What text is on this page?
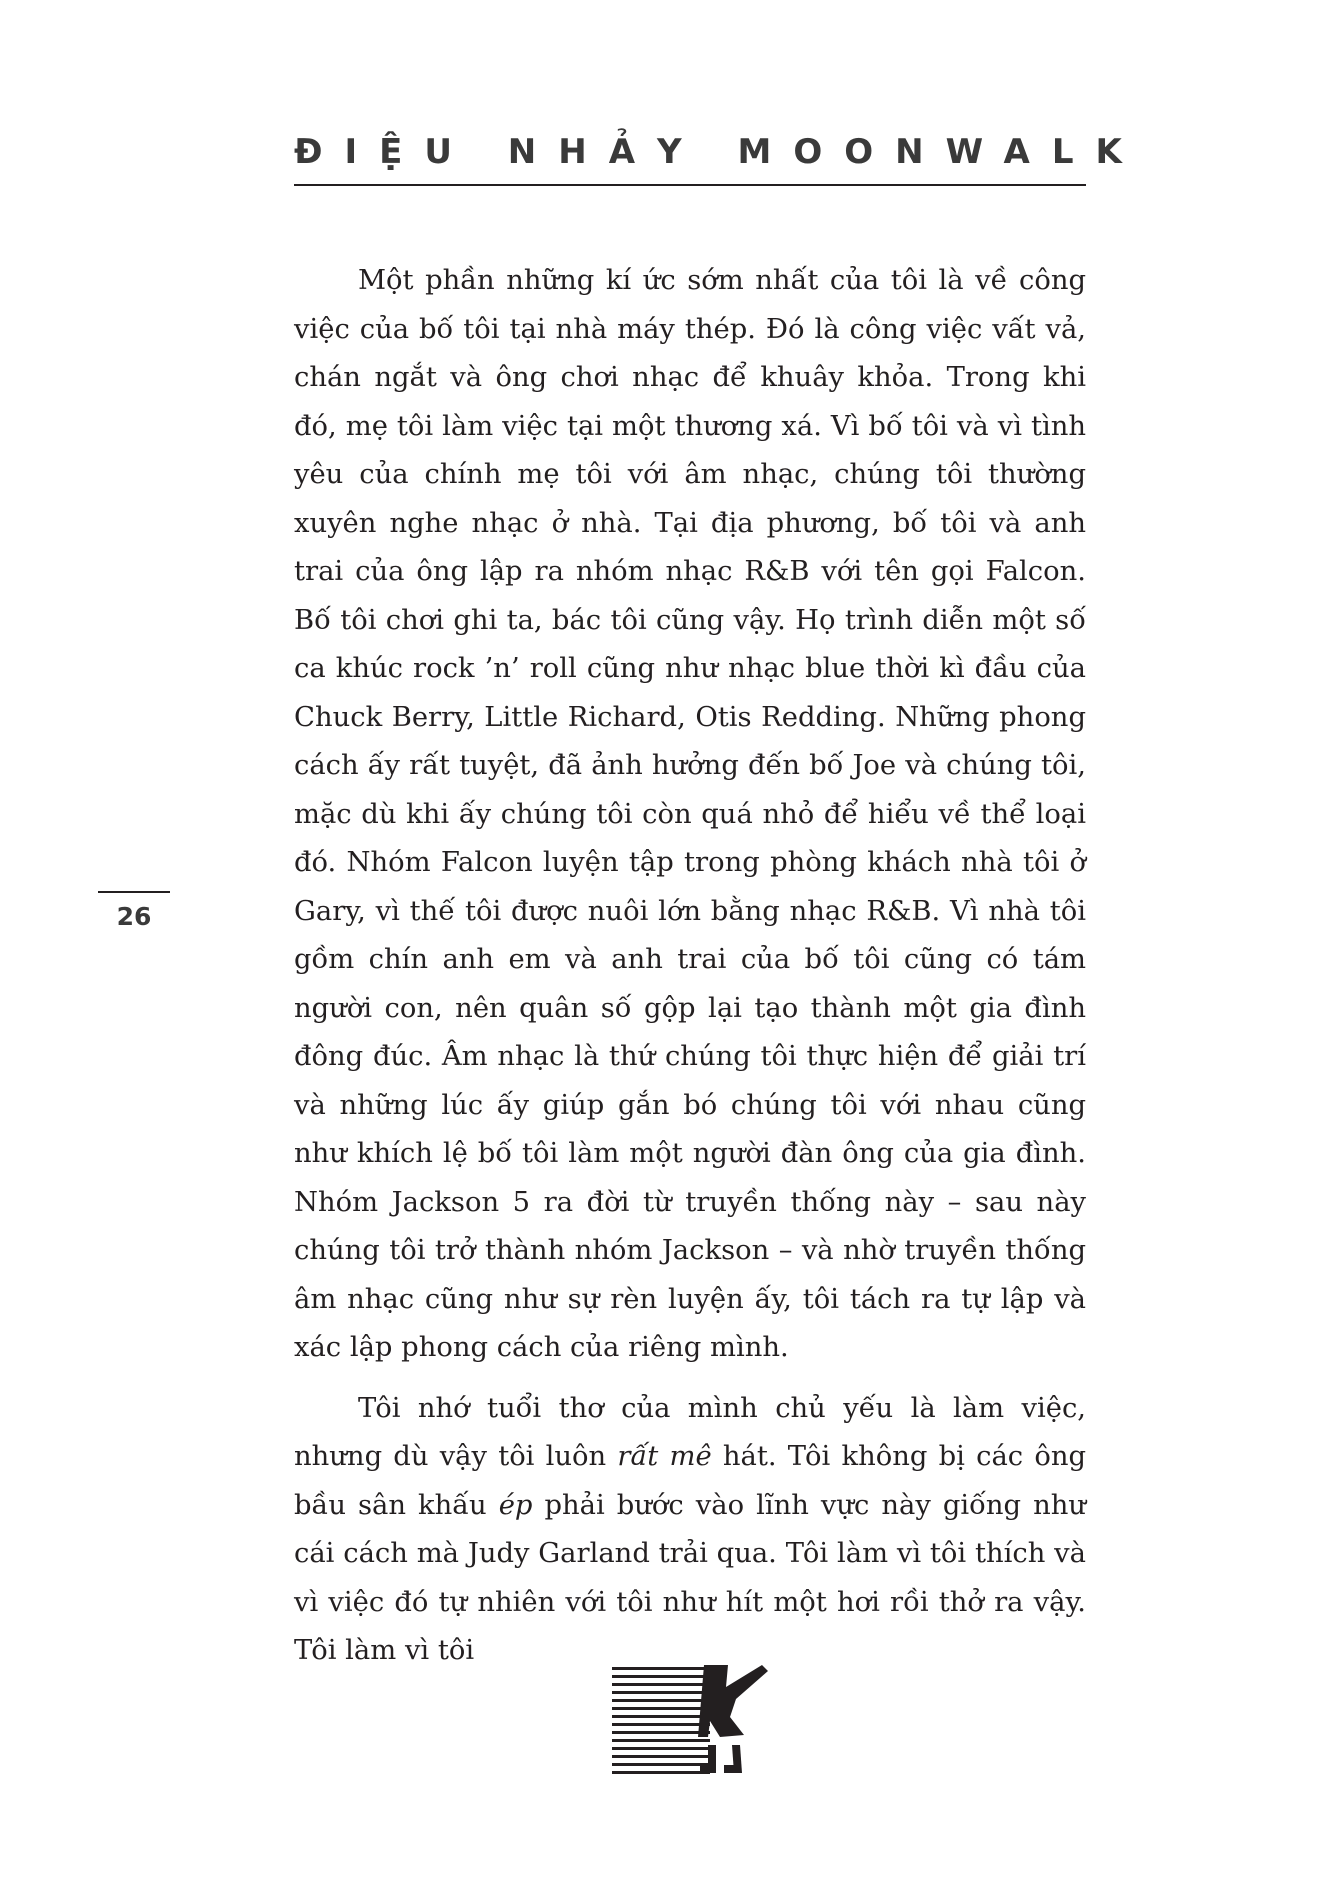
ĐIỆU NHẢY MOONWALK

Một phần những kí ức sớm nhất của tôi là về công việc của bố tôi tại nhà máy thép. Đó là công việc vất vả, chán ngắt và ông chơi nhạc để khuây khỏa. Trong khi đó, mẹ tôi làm việc tại một thương xá. Vì bố tôi và vì tình yêu của chính mẹ tôi với âm nhạc, chúng tôi thường xuyên nghe nhạc ở nhà. Tại địa phương, bố tôi và anh trai của ông lập ra nhóm nhạc R&B với tên gọi Falcon. Bố tôi chơi ghi ta, bác tôi cũng vậy. Họ trình diễn một số ca khúc rock ’n’ roll cũng như nhạc blue thời kì đầu của Chuck Berry, Little Richard, Otis Redding. Những phong cách ấy rất tuyệt, đã ảnh hưởng đến bố Joe và chúng tôi, mặc dù khi ấy chúng tôi còn quá nhỏ để hiểu về thể loại đó. Nhóm Falcon luyện tập trong phòng khách nhà tôi ở Gary, vì thế tôi được nuôi lớn bằng nhạc R&B. Vì nhà tôi gồm chín anh em và anh trai của bố tôi cũng có tám người con, nên quân số gộp lại tạo thành một gia đình đông đúc. Âm nhạc là thứ chúng tôi thực hiện để giải trí và những lúc ấy giúp gắn bó chúng tôi với nhau cũng như khích lệ bố tôi làm một người đàn ông của gia đình. Nhóm Jackson 5 ra đời từ truyền thống này – sau này chúng tôi trở thành nhóm Jackson – và nhờ truyền thống âm nhạc cũng như sự rèn luyện ấy, tôi tách ra tự lập và xác lập phong cách của riêng mình.

Tôi nhớ tuổi thơ của mình chủ yếu là làm việc, nhưng dù vậy tôi luôn rất mê hát. Tôi không bị các ông bầu sân khấu ép phải bước vào lĩnh vực này giống như cái cách mà Judy Garland trải qua. Tôi làm vì tôi thích và vì việc đó tự nhiên với tôi như hít một hơi rồi thở ra vậy. Tôi làm vì tôi

26
